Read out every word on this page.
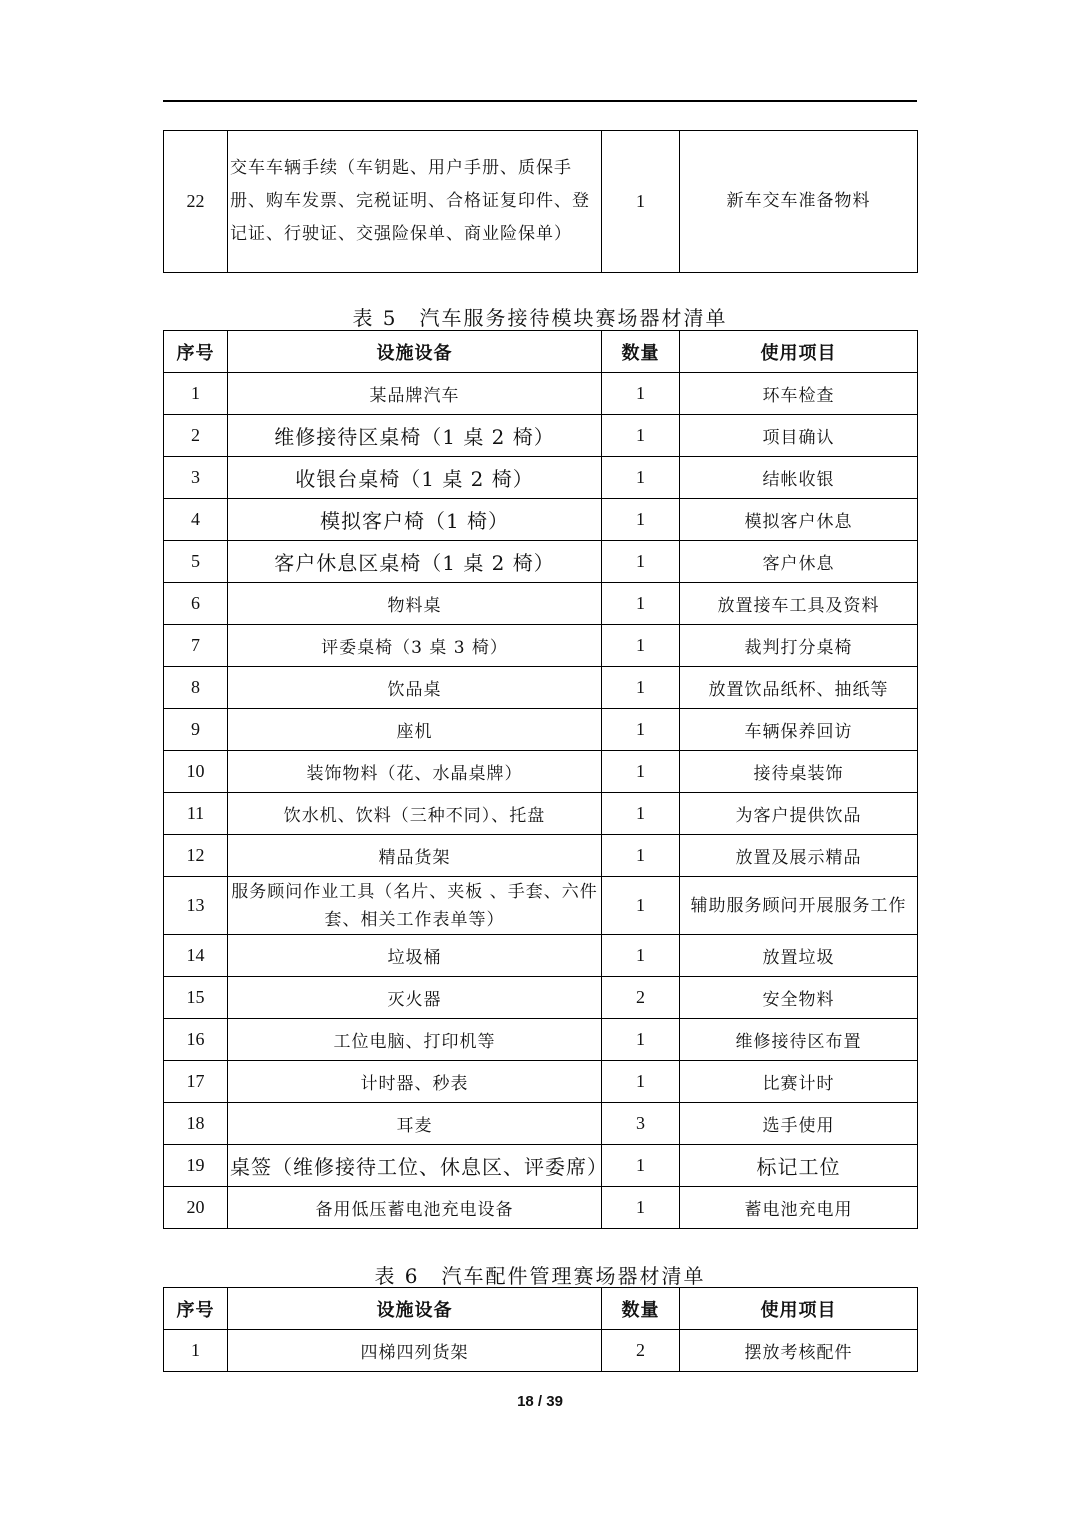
22	交车车辆手续（车钥匙、用户手册、质保手册、购车发票、完税证明、合格证复印件、登记证、行驶证、交强险保单、商业险保单）	1	新车交车准备物料
表 5　汽车服务接待模块赛场器材清单
序号	设施设备	数量	使用项目
1	某品牌汽车	1	环车检查
2	维修接待区桌椅（1 桌 2 椅）	1	项目确认
3	收银台桌椅（1 桌 2 椅）	1	结帐收银
4	模拟客户椅（1 椅）	1	模拟客户休息
5	客户休息区桌椅（1 桌 2 椅）	1	客户休息
6	物料桌	1	放置接车工具及资料
7	评委桌椅（3 桌 3 椅）	1	裁判打分桌椅
8	饮品桌	1	放置饮品纸杯、抽纸等
9	座机	1	车辆保养回访
10	装饰物料（花、水晶桌牌）	1	接待桌装饰
11	饮水机、饮料（三种不同）、托盘	1	为客户提供饮品
12	精品货架	1	放置及展示精品
13	服务顾问作业工具（名片、夹板 、手套、六件套、相关工作表单等）	1	辅助服务顾问开展服务工作
14	垃圾桶	1	放置垃圾
15	灭火器	2	安全物料
16	工位电脑、打印机等	1	维修接待区布置
17	计时器、秒表	1	比赛计时
18	耳麦	3	选手使用
19	桌签（维修接待工位、休息区、评委席）	1	标记工位
20	备用低压蓄电池充电设备	1	蓄电池充电用
表 6　汽车配件管理赛场器材清单
序号	设施设备	数量	使用项目
1	四梯四列货架	2	摆放考核配件
18 / 39
